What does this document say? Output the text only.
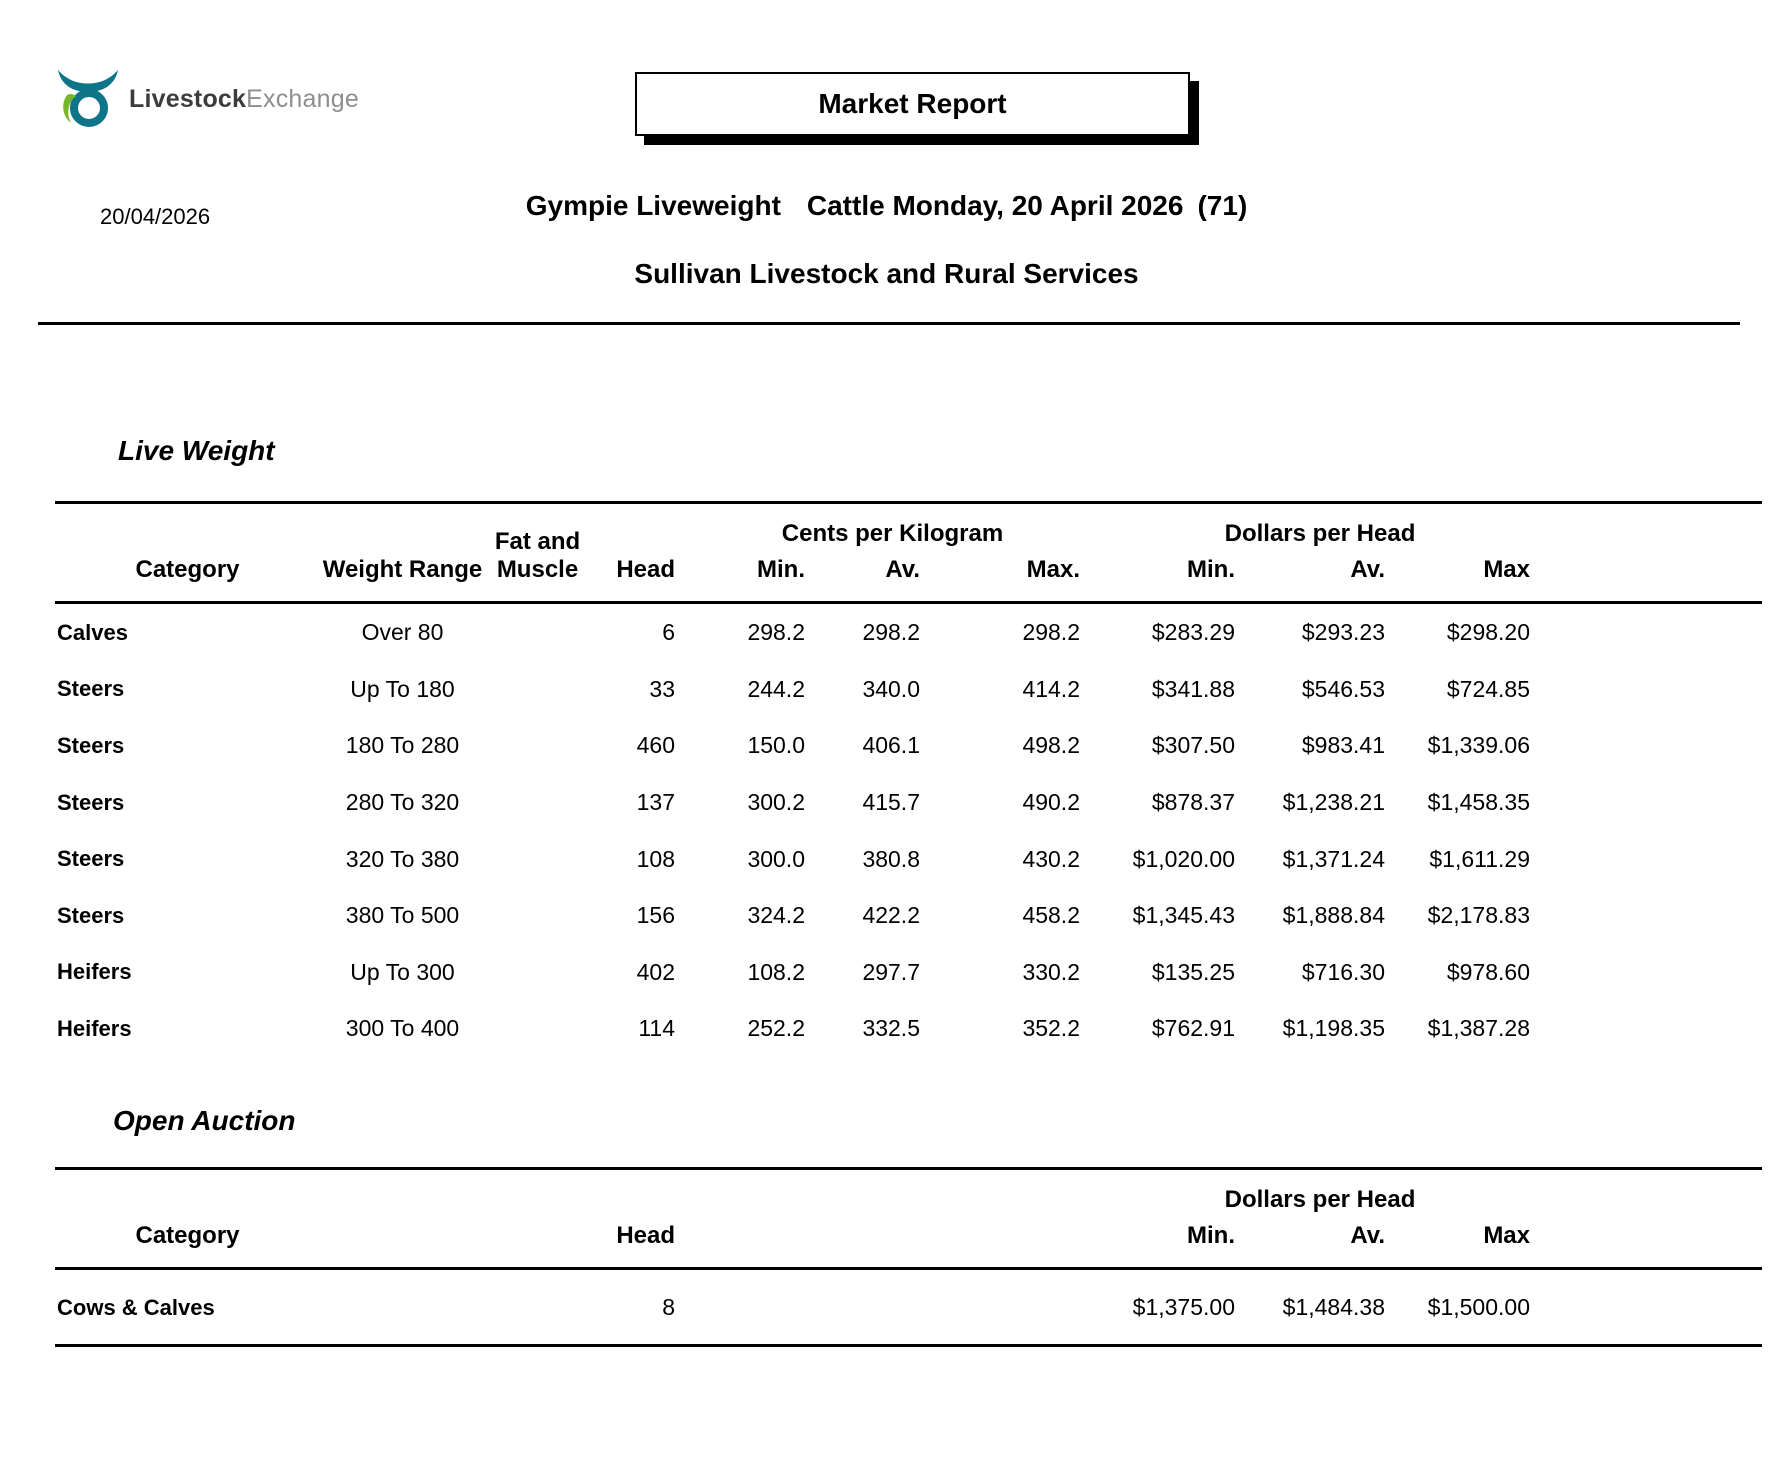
LivestockExchange	Market Report
20/04/2026	Gympie Liveweight Cattle Monday, 20 April 2026 (71)
Sullivan Livestock and Rural Services
Live Weight
Category	Weight Range	Fat and Muscle	Head	Cents per Kilogram			Dollars per Head			
				Min.	Av.	Max.	Min.	Av.	Max	
Calves	Over 80		6	298.2	298.2	298.2	$283.29	$293.23	$298.20	
Steers	Up To 180		33	244.2	340.0	414.2	$341.88	$546.53	$724.85	
Steers	180 To 280		460	150.0	406.1	498.2	$307.50	$983.41	$1,339.06	
Steers	280 To 320		137	300.2	415.7	490.2	$878.37	$1,238.21	$1,458.35	
Steers	320 To 380		108	300.0	380.8	430.2	$1,020.00	$1,371.24	$1,611.29	
Steers	380 To 500		156	324.2	422.2	458.2	$1,345.43	$1,888.84	$2,178.83	
Heifers	Up To 300		402	108.2	297.7	330.2	$135.25	$716.30	$978.60	
Heifers	300 To 400		114	252.2	332.5	352.2	$762.91	$1,198.35	$1,387.28	
Open Auction
				Dollars per Head			
Category		Head		Min.	Av.	Max	
Cows & Calves		8		$1,375.00	$1,484.38	$1,500.00	
